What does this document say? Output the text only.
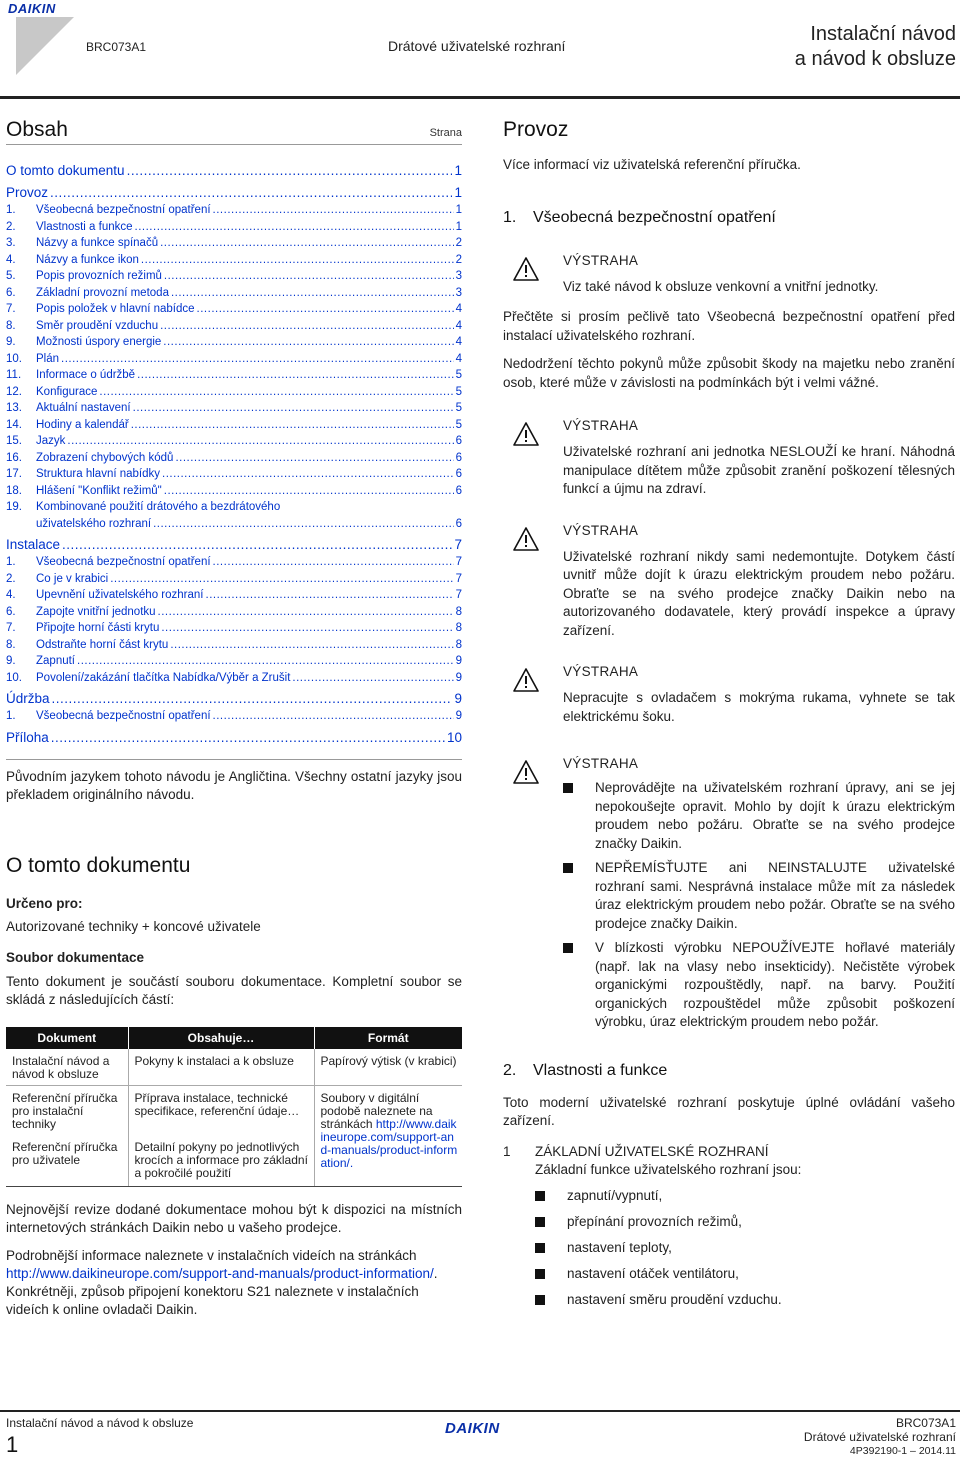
DAIKIN
BRC073A1	Drátové uživatelské rozhraní
Instalační návod
a návod k obsluze
Obsah	Strana
O tomto dokumentu .....	1
Provoz .....	1
1.	Všeobecná bezpečnostní opatření .....	1
2.	Vlastnosti a funkce .....	1
3.	Názvy a funkce spínačů .....	2
4.	Názvy a funkce ikon .....	2
5.	Popis provozních režimů .....	3
6.	Základní provozní metoda .....	3
7.	Popis položek v hlavní nabídce .....	4
8.	Směr proudění vzduchu .....	4
9.	Možnosti úspory energie .....	4
10.	Plán .....	4
11.	Informace o údržbě .....	5
12.	Konfigurace .....	5
13.	Aktuální nastavení .....	5
14.	Hodiny a kalendář .....	5
15.	Jazyk .....	6
16.	Zobrazení chybových kódů .....	6
17.	Struktura hlavní nabídky .....	6
18.	Hlášení "Konflikt režimů" .....	6
19.	Kombinované použití drátového a bezdrátového
uživatelského rozhraní .....	6
Instalace .....	7
1.	Všeobecná bezpečnostní opatření .....	7
2.	Co je v krabici .....	7
4.	Upevnění uživatelského rozhraní .....	7
6.	Zapojte vnitřní jednotku .....	8
7.	Připojte horní části krytu .....	8
8.	Odstraňte horní část krytu .....	8
9.	Zapnutí .....	9
10.	Povolení/zakázání tlačítka Nabídka/Výběr a Zrušit .....	9
Údržba .....	9
1.	Všeobecná bezpečnostní opatření .....	9
Příloha .....	10
Původním jazykem tohoto návodu je Angličtina. Všechny ostatní jazyky jsou překladem originálního návodu.
O tomto dokumentu
Určeno pro:
Autorizované techniky + koncové uživatele
Soubor dokumentace
Tento dokument je součástí souboru dokumentace. Kompletní soubor se skládá z následujících částí:
Dokument	Obsahuje…	Formát
Instalační návod a návod k obsluze	Pokyny k instalaci a k obsluze	Papírový výtisk (v krabici)
Referenční příručka pro instalační techniky	Příprava instalace, technické specifikace, referenční údaje…	Soubory v digitální podobě naleznete na stránkách http://www.daikineurope.com/support-and-manuals/product-information/.
Referenční příručka pro uživatele	Detailní pokyny po jednotlivých krocích a informace pro základní a pokročilé použití	
Nejnovější revize dodané dokumentace mohou být k dispozici na místních internetových stránkách Daikin nebo u vašeho prodejce.
Podrobnější informace naleznete v instalačních videích na stránkách http://www.daikineurope.com/support-and-manuals/product-information/. Konkrétněji, způsob připojení konektoru S21 naleznete v instalačních videích k online ovladači Daikin.
Provoz
Více informací viz uživatelská referenční příručka.
1.	Všeobecná bezpečnostní opatření
VÝSTRAHA
Viz také návod k obsluze venkovní a vnitřní jednotky.
Přečtěte si prosím pečlivě tato Všeobecná bezpečnostní opatření před instalací uživatelského rozhraní.
Nedodržení těchto pokynů může způsobit škody na majetku nebo zranění osob, které může v závislosti na podmínkách být i velmi vážné.
VÝSTRAHA
Uživatelské rozhraní ani jednotka NESLOUŽÍ ke hraní. Náhodná manipulace dítětem může způsobit zranění poškození tělesných funkcí a újmu na zdraví.
VÝSTRAHA
Uživatelské rozhraní nikdy sami nedemontujte. Dotykem částí uvnitř může dojít k úrazu elektrickým proudem nebo požáru. Obraťte se na svého prodejce značky Daikin nebo na autorizovaného dodavatele, který provádí inspekce a úpravy zařízení.
VÝSTRAHA
Nepracujte s ovladačem s mokrýma rukama, vyhnete se tak elektrickému šoku.
VÝSTRAHA
Neprovádějte na uživatelském rozhraní úpravy, ani se jej nepokoušejte opravit. Mohlo by dojít k úrazu elektrickým proudem nebo požáru. Obraťte se na svého prodejce značky Daikin.
NEPŘEMÍSŤUJTE ani NEINSTALUJTE uživatelské rozhraní sami. Nesprávná instalace může mít za následek úraz elektrickým proudem nebo požár. Obraťte se na svého prodejce značky Daikin.
V blízkosti výrobku NEPOUŽÍVEJTE hořlavé materiály (např. lak na vlasy nebo insekticidy). Nečistěte výrobek organickými rozpouštědly, např. na barvy. Použití organických rozpouštědel může způsobit poškození výrobku, úraz elektrickým proudem nebo požár.
2.	Vlastnosti a funkce
Toto moderní uživatelské rozhraní poskytuje úplné ovládání vašeho zařízení.
1	ZÁKLADNÍ UŽIVATELSKÉ ROZHRANÍ
Základní funkce uživatelského rozhraní jsou:
zapnutí/vypnutí,
přepínání provozních režimů,
nastavení teploty,
nastavení otáček ventilátoru,
nastavení směru proudění vzduchu.
Instalační návod a návod k obsluze
1
DAIKIN	BRC073A1
Drátové uživatelské rozhraní
4P392190-1 – 2014.11
